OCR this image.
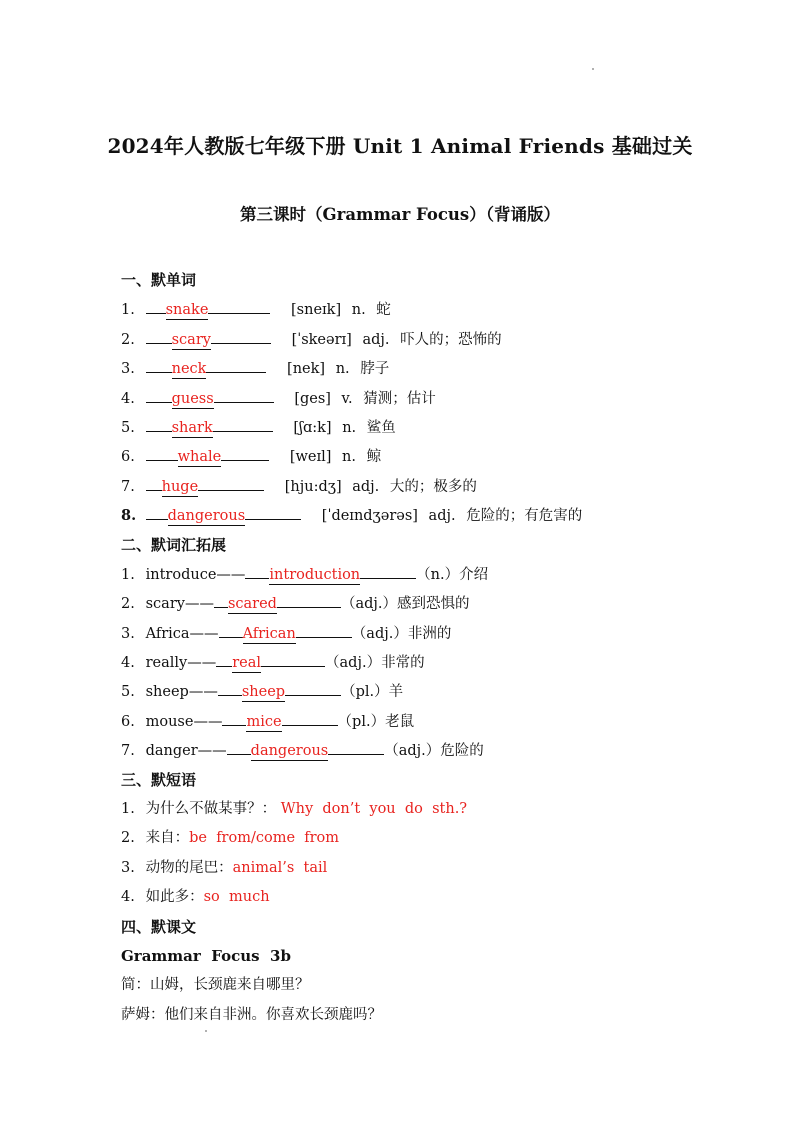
2024年人教版七年级下册 Unit 1 Animal Friends 基础过关
第三课时（Grammar Focus）（背诵版）
一、默单词
1. snake	[sneɪk] n. 蛇
2.	scary	[ˈskeərɪ] adj. 吓人的；恐怖的
3.	neck	[nek] n. 脖子
4.	guess	[ges] v. 猜测；估计
5.	shark	[ʃɑ:k] n. 鲨鱼
6.	whale	[weɪl] n. 鲸
7. huge	[hju:dʒ] adj. 大的；极多的
8. dangerous	[ˈdeɪndʒərəs] adj. 危险的；有危害的
二、默词汇拓展
1. introduce—— introduction	（n.）介绍
2. scary—— scared	（adj.）感到恐惧的
3. Africa—— African	（adj.）非洲的
4. really—— real	（adj.）非常的
5. sheep—— sheep	（pl.）羊
6. mouse—— mice	（pl.）老鼠
7. danger—— dangerous	（adj.）危险的
三、默短语
1. 为什么不做某事？： Why  don’t  you  do  sth.?
2. 来自：be  from/come  from
3. 动物的尾巴：animal’s  tail
4. 如此多：so  much
四、默课文
Grammar  Focus  3b
简：山姆，长颈鹿来自哪里？
萨姆：他们来自非洲。你喜欢长颈鹿吗？
